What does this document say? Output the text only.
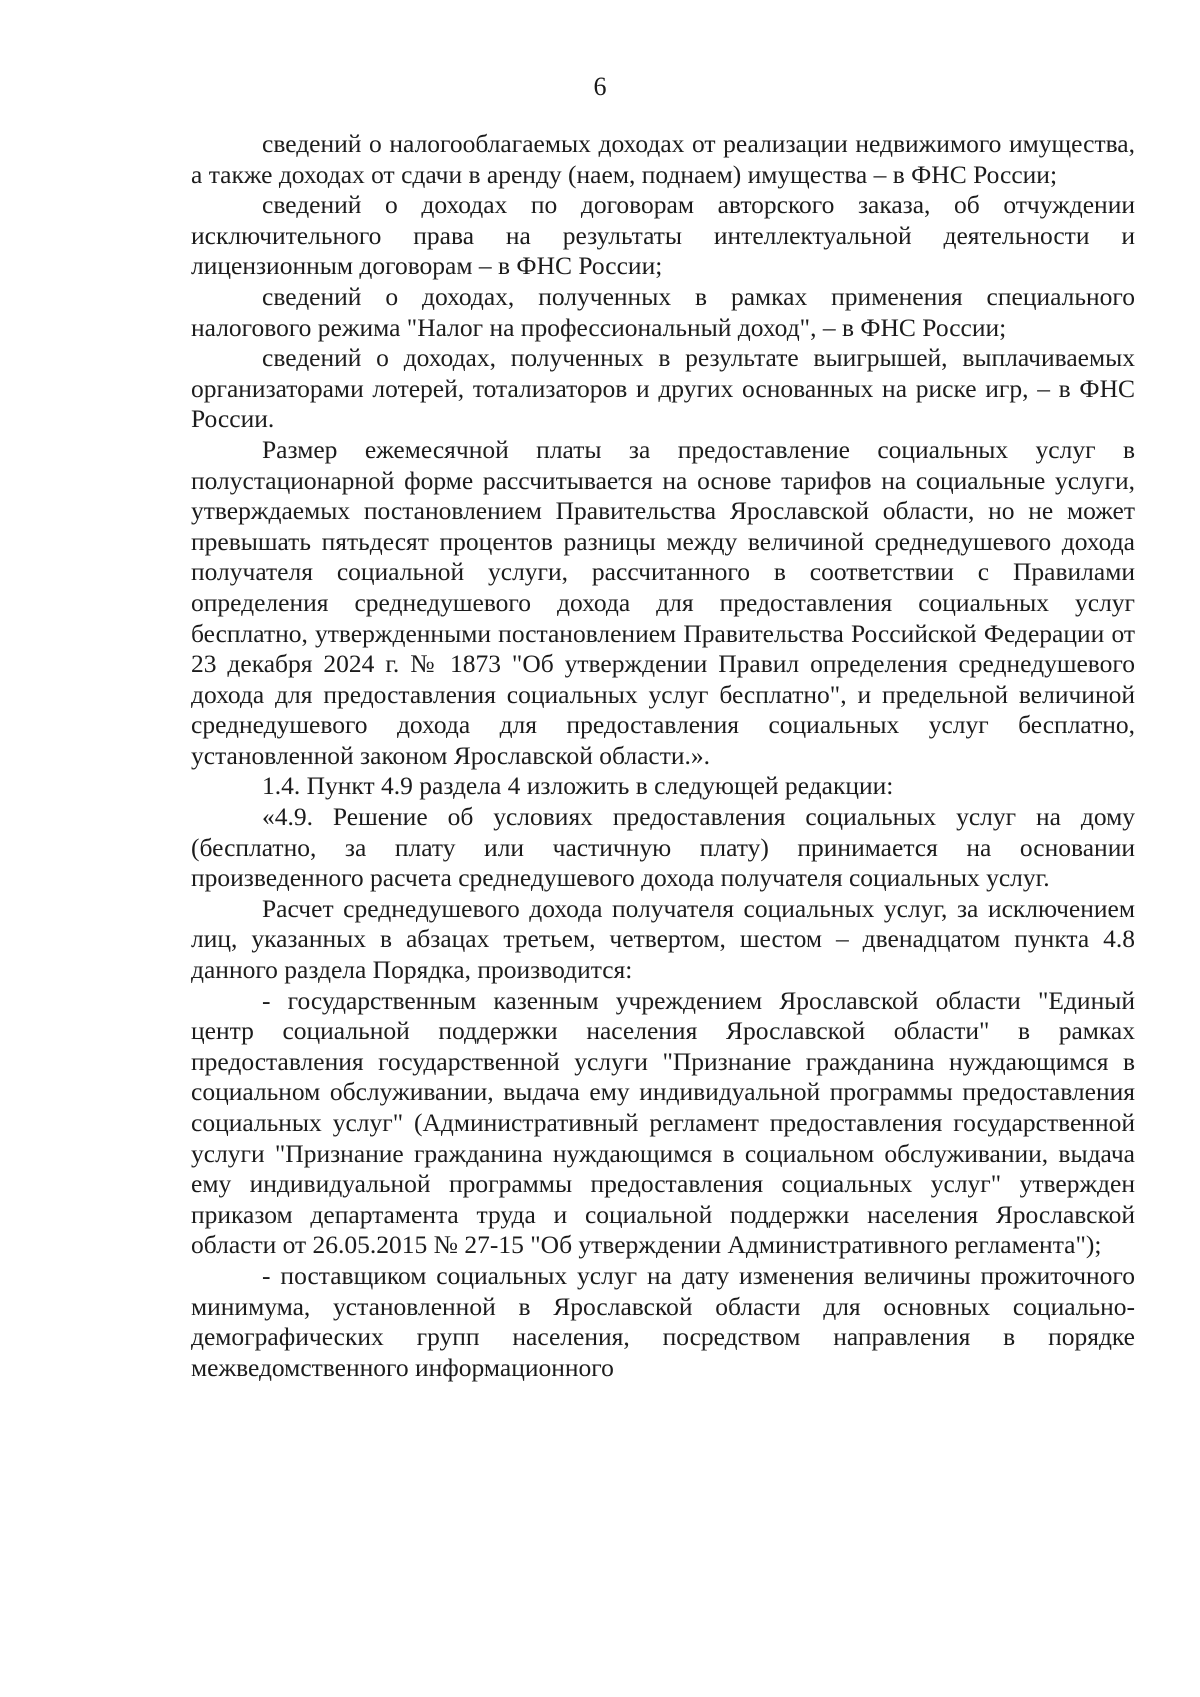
6

сведений о налогооблагаемых доходах от реализации недвижимого имущества, а также доходах от сдачи в аренду (наем, поднаем) имущества – в ФНС России;

сведений о доходах по договорам авторского заказа, об отчуждении исключительного права на результаты интеллектуальной деятельности и лицензионным договорам – в ФНС России;

сведений о доходах, полученных в рамках применения специального налогового режима "Налог на профессиональный доход", – в ФНС России;

сведений о доходах, полученных в результате выигрышей, выплачиваемых организаторами лотерей, тотализаторов и других основанных на риске игр, – в ФНС России.

Размер ежемесячной платы за предоставление социальных услуг в полустационарной форме рассчитывается на основе тарифов на социальные услуги, утверждаемых постановлением Правительства Ярославской области, но не может превышать пятьдесят процентов разницы между величиной среднедушевого дохода получателя социальной услуги, рассчитанного в соответствии с Правилами определения среднедушевого дохода для предоставления социальных услуг бесплатно, утвержденными постановлением Правительства Российской Федерации от 23 декабря 2024 г. № 1873 "Об утверждении Правил определения среднедушевого дохода для предоставления социальных услуг бесплатно", и предельной величиной среднедушевого дохода для предоставления социальных услуг бесплатно, установленной законом Ярославской области.».

1.4. Пункт 4.9 раздела 4 изложить в следующей редакции:

«4.9. Решение об условиях предоставления социальных услуг на дому (бесплатно, за плату или частичную плату) принимается на основании произведенного расчета среднедушевого дохода получателя социальных услуг.

Расчет среднедушевого дохода получателя социальных услуг, за исключением лиц, указанных в абзацах третьем, четвертом, шестом – двенадцатом пункта 4.8 данного раздела Порядка, производится:

- государственным казенным учреждением Ярославской области "Единый центр социальной поддержки населения Ярославской области" в рамках предоставления государственной услуги "Признание гражданина нуждающимся в социальном обслуживании, выдача ему индивидуальной программы предоставления социальных услуг" (Административный регламент предоставления государственной услуги "Признание гражданина нуждающимся в социальном обслуживании, выдача ему индивидуальной программы предоставления социальных услуг" утвержден приказом департамента труда и социальной поддержки населения Ярославской области от 26.05.2015 № 27-15 "Об утверждении Административного регламента");

- поставщиком социальных услуг на дату изменения величины прожиточного минимума, установленной в Ярославской области для основных социально-демографических групп населения, посредством направления в порядке межведомственного информационного
